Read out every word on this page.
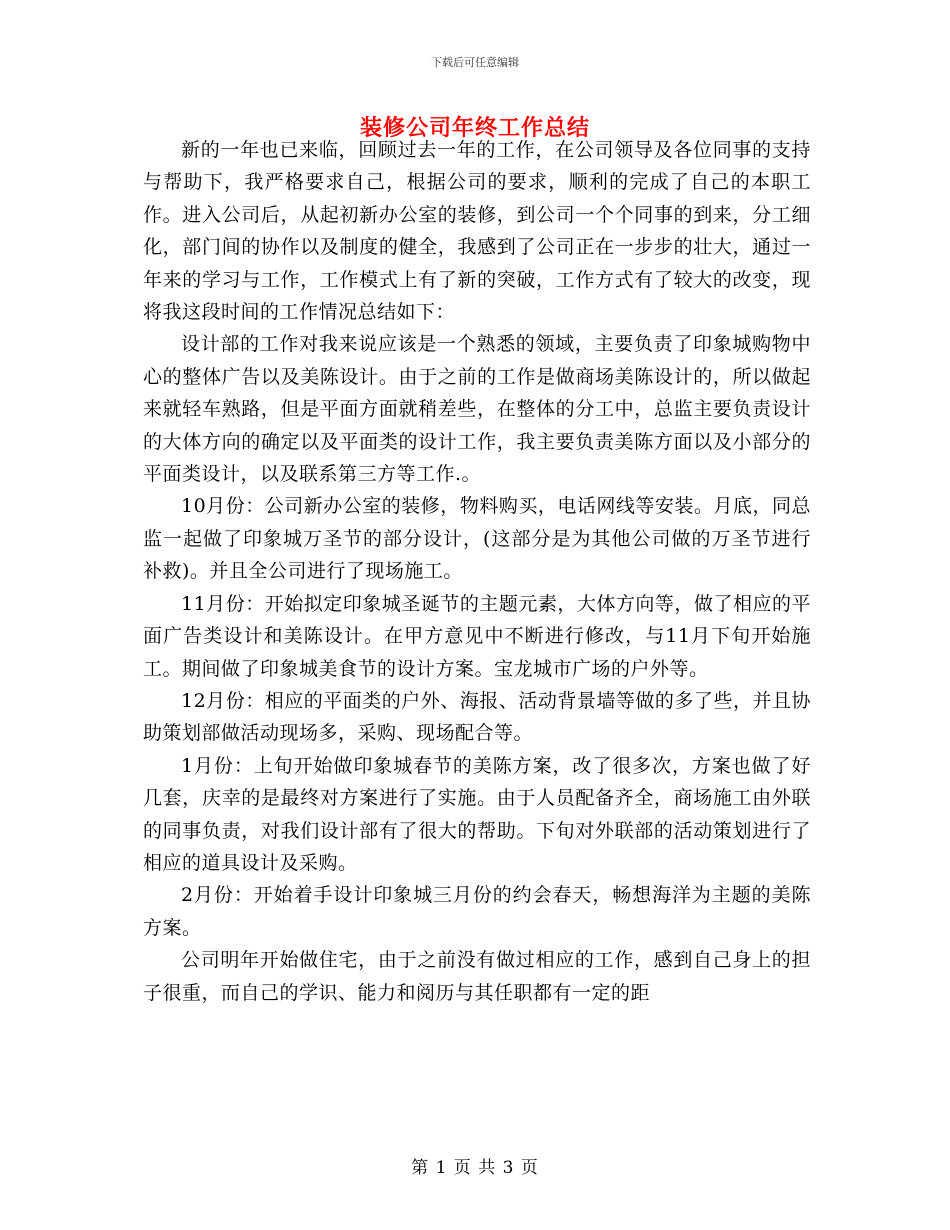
下载后可任意编辑
装修公司年终工作总结

新的一年也已来临，回顾过去一年的工作，在公司领导及各位同事的支持与帮助下，我严格要求自己，根据公司的要求，顺利的完成了自己的本职工作。进入公司后，从起初新办公室的装修，到公司一个个同事的到来，分工细化，部门间的协作以及制度的健全，我感到了公司正在一步步的壮大，通过一年来的学习与工作，工作模式上有了新的突破，工作方式有了较大的改变，现将我这段时间的工作情况总结如下：

设计部的工作对我来说应该是一个熟悉的领域，主要负责了印象城购物中心的整体广告以及美陈设计。由于之前的工作是做商场美陈设计的，所以做起来就轻车熟路，但是平面方面就稍差些，在整体的分工中，总监主要负责设计的大体方向的确定以及平面类的设计工作，我主要负责美陈方面以及小部分的平面类设计，以及联系第三方等工作.。

10月份：公司新办公室的装修，物料购买，电话网线等安装。月底，同总监一起做了印象城万圣节的部分设计，(这部分是为其他公司做的万圣节进行补救)。并且全公司进行了现场施工。

11月份：开始拟定印象城圣诞节的主题元素，大体方向等，做了相应的平面广告类设计和美陈设计。在甲方意见中不断进行修改，与11月下旬开始施工。期间做了印象城美食节的设计方案。宝龙城市广场的户外等。

12月份：相应的平面类的户外、海报、活动背景墙等做的多了些，并且协助策划部做活动现场多，采购、现场配合等。

1月份：上旬开始做印象城春节的美陈方案，改了很多次，方案也做了好几套，庆幸的是最终对方案进行了实施。由于人员配备齐全，商场施工由外联的同事负责，对我们设计部有了很大的帮助。下旬对外联部的活动策划进行了相应的道具设计及采购。

2月份：开始着手设计印象城三月份的约会春天，畅想海洋为主题的美陈方案。

公司明年开始做住宅，由于之前没有做过相应的工作，感到自己身上的担子很重，而自己的学识、能力和阅历与其任职都有一定的距

第 1 页 共 3 页
